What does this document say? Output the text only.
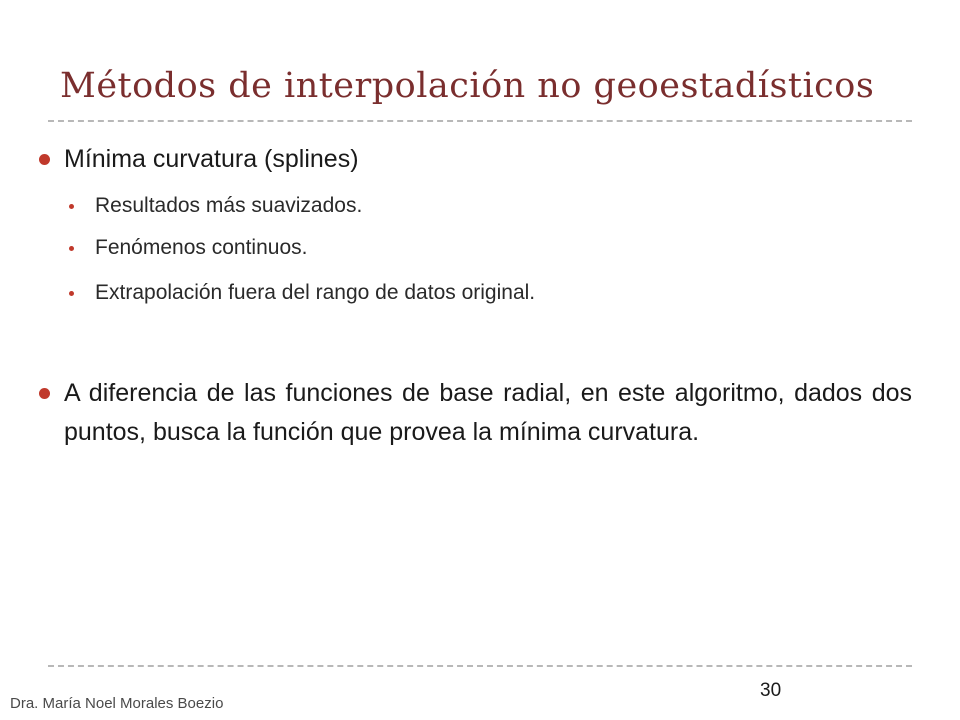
Métodos de interpolación no geoestadísticos
Mínima curvatura (splines)
Resultados más suavizados.
Fenómenos continuos.
Extrapolación fuera del rango de datos original.
A diferencia de las funciones de base radial, en este algoritmo, dados dos puntos, busca la función que provea la mínima curvatura.
30
Dra. María Noel Morales Boezio
